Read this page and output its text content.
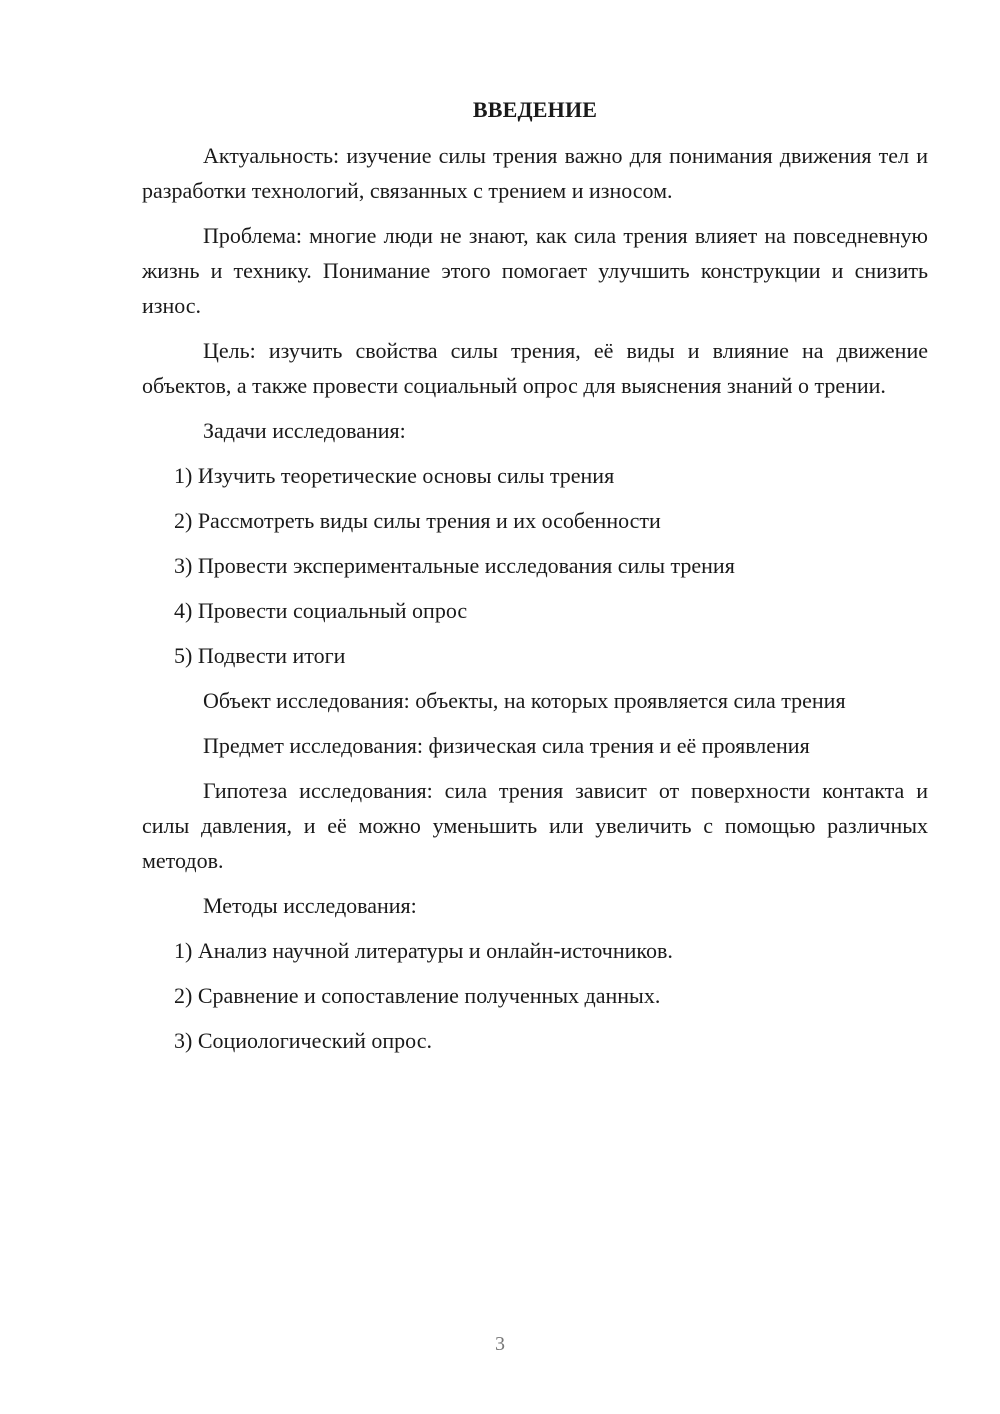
ВВЕДЕНИЕ

Актуальность: изучение силы трения важно для понимания движения тел и разработки технологий, связанных с трением и износом.

Проблема: многие люди не знают, как сила трения влияет на повседневную жизнь и технику. Понимание этого помогает улучшить конструкции и снизить износ.

Цель: изучить свойства силы трения, её виды и влияние на движение объектов, а также провести социальный опрос для выяснения знаний о трении.

Задачи исследования:

1) Изучить теоретические основы силы трения
2) Рассмотреть виды силы трения и их особенности
3) Провести экспериментальные исследования силы трения
4) Провести социальный опрос
5) Подвести итоги

Объект исследования: объекты, на которых проявляется сила трения

Предмет исследования: физическая сила трения и её проявления

Гипотеза исследования: сила трения зависит от поверхности контакта и силы давления, и её можно уменьшить или увеличить с помощью различных методов.

Методы исследования:

1) Анализ научной литературы и онлайн-источников.
2) Сравнение и сопоставление полученных данных.
3) Социологический опрос.
3
